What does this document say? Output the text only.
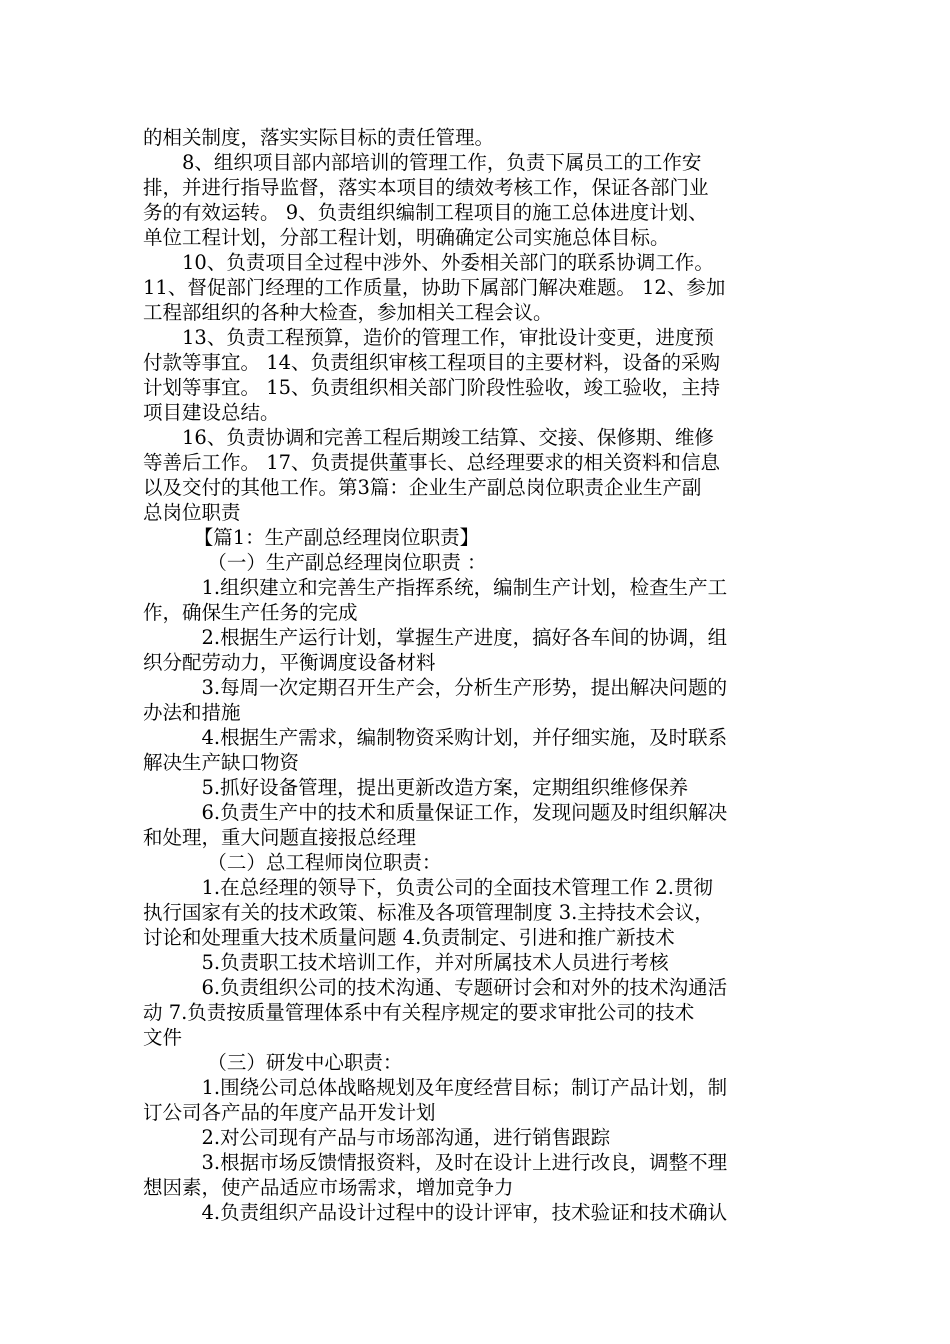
的相关制度，落实实际目标的责任管理。
8、组织项目部内部培训的管理工作，负责下属员工的工作安
排，并进行指导监督，落实本项目的绩效考核工作，保证各部门业
务的有效运转。 9、负责组织编制工程项目的施工总体进度计划、
单位工程计划，分部工程计划，明确确定公司实施总体目标。
10、负责项目全过程中涉外、外委相关部门的联系协调工作。
11、督促部门经理的工作质量，协助下属部门解决难题。 12、参加
工程部组织的各种大检查，参加相关工程会议。
13、负责工程预算，造价的管理工作，审批设计变更，进度预
付款等事宜。 14、负责组织审核工程项目的主要材料，设备的采购
计划等事宜。 15、负责组织相关部门阶段性验收，竣工验收，主持
项目建设总结。
16、负责协调和完善工程后期竣工结算、交接、保修期、维修
等善后工作。 17、负责提供董事长、总经理要求的相关资料和信息
以及交付的其他工作。第3篇：企业生产副总岗位职责企业生产副
总岗位职责
【篇1：生产副总经理岗位职责】
（一）生产副总经理岗位职责 ：
1.组织建立和完善生产指挥系统，编制生产计划，检查生产工
作，确保生产任务的完成
2.根据生产运行计划，掌握生产进度，搞好各车间的协调，组
织分配劳动力，平衡调度设备材料
3.每周一次定期召开生产会，分析生产形势，提出解决问题的
办法和措施
4.根据生产需求，编制物资采购计划，并仔细实施，及时联系
解决生产缺口物资
5.抓好设备管理，提出更新改造方案，定期组织维修保养
6.负责生产中的技术和质量保证工作，发现问题及时组织解决
和处理，重大问题直接报总经理
（二）总工程师岗位职责：
1.在总经理的领导下，负责公司的全面技术管理工作 2.贯彻
执行国家有关的技术政策、标准及各项管理制度 3.主持技术会议，
讨论和处理重大技术质量问题 4.负责制定、引进和推广新技术
5.负责职工技术培训工作，并对所属技术人员进行考核
6.负责组织公司的技术沟通、专题研讨会和对外的技术沟通活
动 7.负责按质量管理体系中有关程序规定的要求审批公司的技术
文件
（三）研发中心职责：
1.围绕公司总体战略规划及年度经营目标；制订产品计划，制
订公司各产品的年度产品开发计划
2.对公司现有产品与市场部沟通，进行销售跟踪
3.根据市场反馈情报资料，及时在设计上进行改良，调整不理
想因素，使产品适应市场需求，增加竞争力
4.负责组织产品设计过程中的设计评审，技术验证和技术确认
